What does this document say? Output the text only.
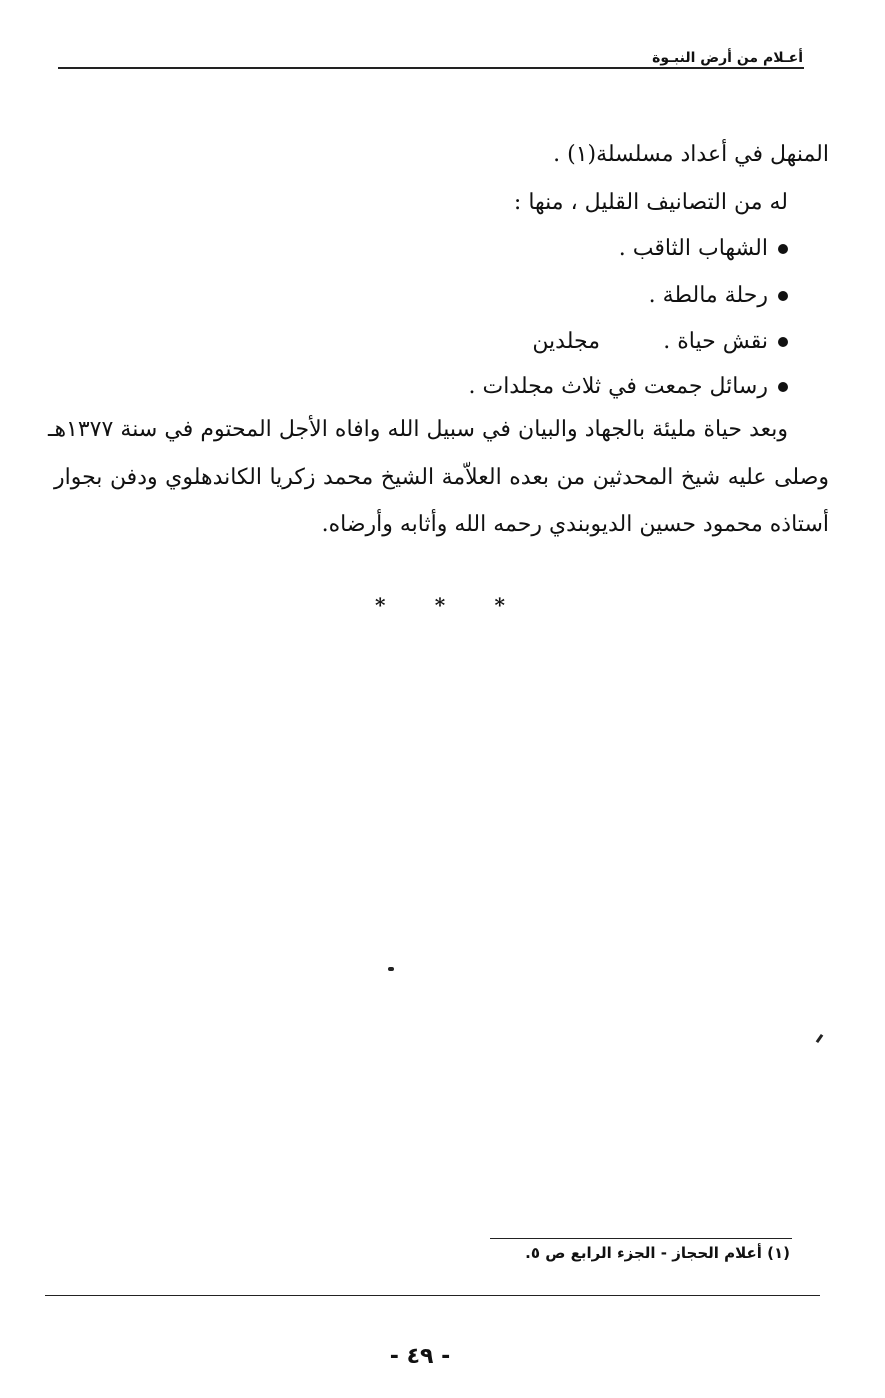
أعـلام من أرض النبـوة
المنهل في أعداد مسلسلة(١) .
له من التصانيف القليل ، منها :
الشهاب الثاقب .
رحلة مالطة .
نقش حياة .
مجلدين
رسائل جمعت في ثلاث مجلدات .
وبعد حياة مليئة بالجهاد والبيان في سبيل الله وافاه الأجل المحتوم في سنة ١٣٧٧هـ
وصلى عليه شيخ المحدثين من بعده العلاّمة الشيخ محمد زكريا الكاندهلوي ودفن بجوار
أستاذه محمود حسين الديوبندي رحمه الله وأثابه وأرضاه.
* * *
(١) أعلام الحجاز - الجزء الرابع ص ٥.
- ٤٩ -
